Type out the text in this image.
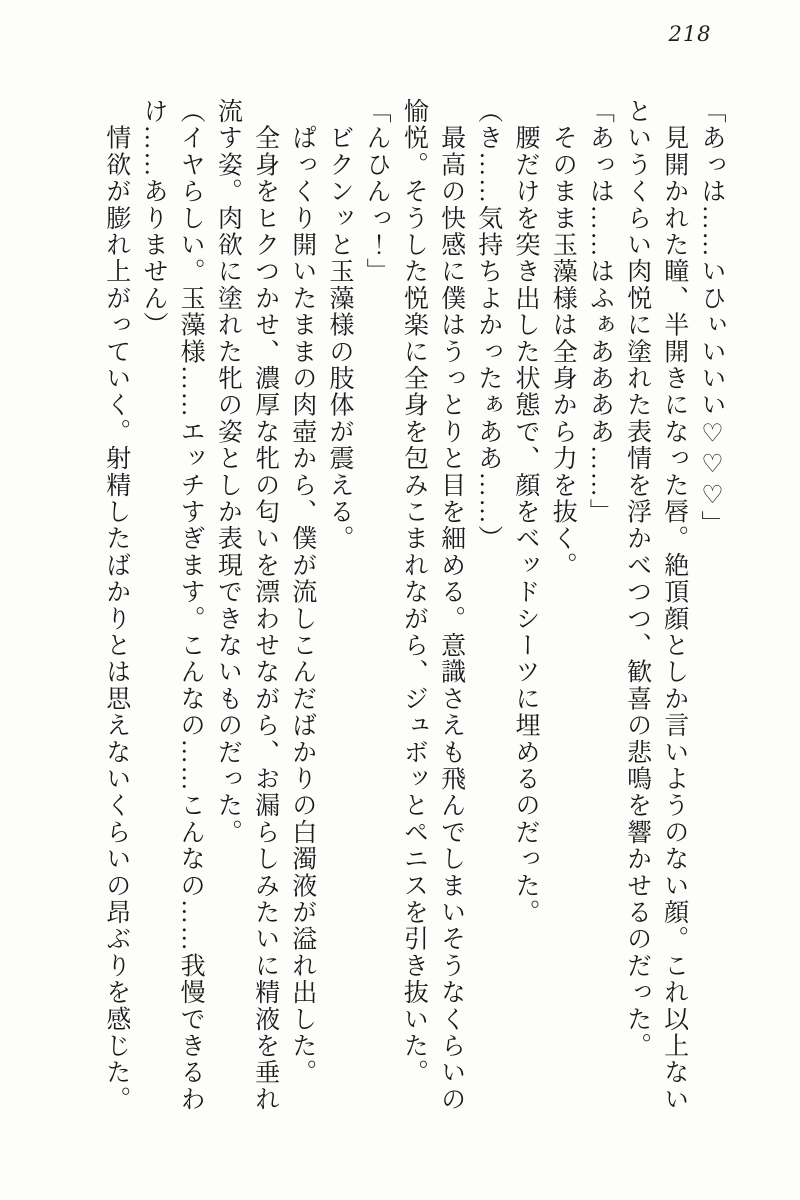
218

「あっは……いひぃいいい♡♡♡」

　見開かれた瞳、半開きになった唇。絶頂顔としか言いようのない顔。これ以上ない

というくらい肉悦に塗れた表情を浮かべつつ、歓喜の悲鳴を響かせるのだった。

「あっは……はふぁああああ……」

　そのまま玉藻様は全身から力を抜く。

　腰だけを突き出した状態で、顔をベッドシーツに埋めるのだった。

（き……気持ちよかったぁああ……）

　最高の快感に僕はうっとりと目を細める。意識さえも飛んでしまいそうなくらいの

愉悦。そうした悦楽に全身を包みこまれながら、ジュボッとペニスを引き抜いた。

「んひんっ！」

　ビクンッと玉藻様の肢体が震える。

　ぱっくり開いたままの肉壺から、僕が流しこんだばかりの白濁液が溢れ出した。

　全身をヒクつかせ、濃厚な牝の匂いを漂わせながら、お漏らしみたいに精液を垂れ

流す姿。肉欲に塗れた牝の姿としか表現できないものだった。

（イヤらしい。玉藻様……エッチすぎます。こんなの……こんなの……我慢できるわ

け……ありません）

　情欲が膨れ上がっていく。射精したばかりとは思えないくらいの昂ぶりを感じた。
